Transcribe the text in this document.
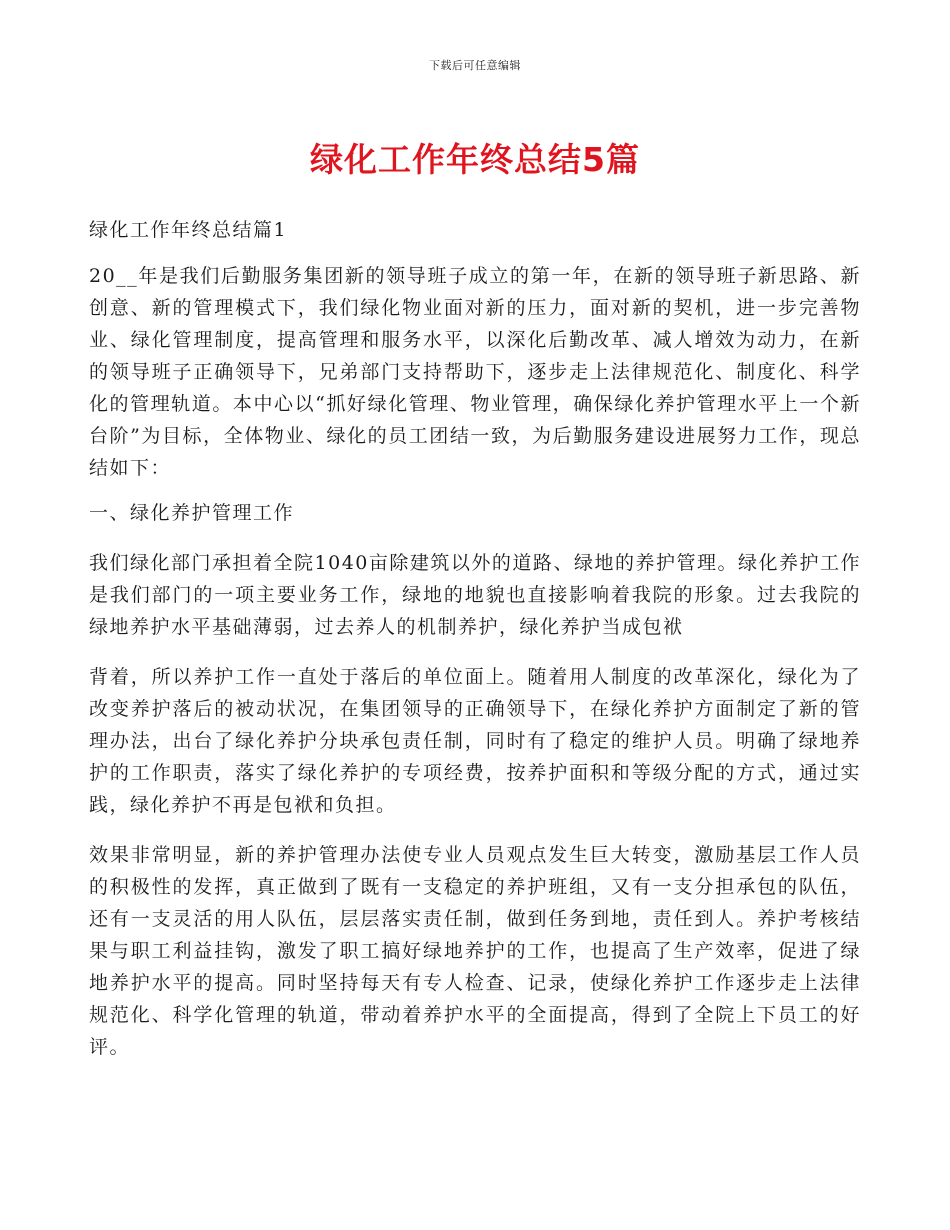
下载后可任意编辑
绿化工作年终总结5篇

绿化工作年终总结篇1

20__年是我们后勤服务集团新的领导班子成立的第一年，在新的领导班子新思路、新创意、新的管理模式下，我们绿化物业面对新的压力，面对新的契机，进一步完善物业、绿化管理制度，提高管理和服务水平，以深化后勤改革、减人增效为动力，在新的领导班子正确领导下，兄弟部门支持帮助下，逐步走上法律规范化、制度化、科学化的管理轨道。本中心以“抓好绿化管理、物业管理，确保绿化养护管理水平上一个新台阶”为目标，全体物业、绿化的员工团结一致，为后勤服务建设进展努力工作，现总结如下：

一、绿化养护管理工作

我们绿化部门承担着全院1040亩除建筑以外的道路、绿地的养护管理。绿化养护工作是我们部门的一项主要业务工作，绿地的地貌也直接影响着我院的形象。过去我院的绿地养护水平基础薄弱，过去养人的机制养护，绿化养护当成包袱

背着，所以养护工作一直处于落后的单位面上。随着用人制度的改革深化，绿化为了改变养护落后的被动状况，在集团领导的正确领导下，在绿化养护方面制定了新的管理办法，出台了绿化养护分块承包责任制，同时有了稳定的维护人员。明确了绿地养护的工作职责，落实了绿化养护的专项经费，按养护面积和等级分配的方式，通过实践，绿化养护不再是包袱和负担。

效果非常明显，新的养护管理办法使专业人员观点发生巨大转变，激励基层工作人员的积极性的发挥，真正做到了既有一支稳定的养护班组，又有一支分担承包的队伍，还有一支灵活的用人队伍，层层落实责任制，做到任务到地，责任到人。养护考核结果与职工利益挂钩，激发了职工搞好绿地养护的工作，也提高了生产效率，促进了绿地养护水平的提高。同时坚持每天有专人检查、记录，使绿化养护工作逐步走上法律规范化、科学化管理的轨道，带动着养护水平的全面提高，得到了全院上下员工的好评。
